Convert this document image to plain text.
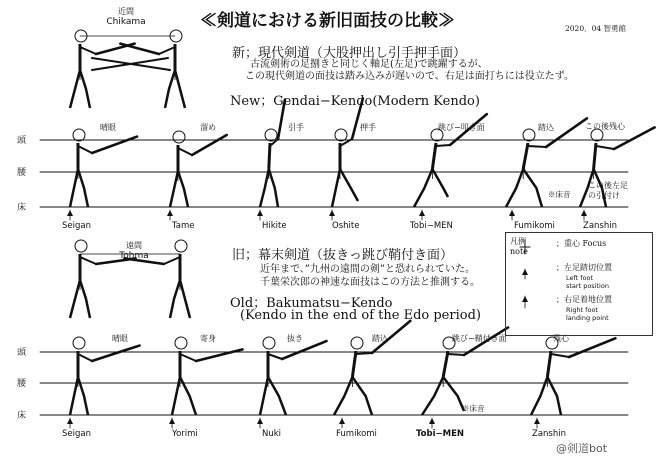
≪剣道における新旧面技の比較≫	2020．04 智勇館
新；現代剣道（大股押出し引手押手面）
古流剣術の足捌きと同じく軸足(左足)で跳躍するが、
この現代剣道の面技は踏み込みが遅いので、右足は面打ちには役立たず。
New；Gendai−Kendo(Modern Kendo)
近間
Chikama
旧；幕末剣道（抜きっ跳び鞘付き面）
近年まで、”九州の遠間の剣”と恐れられていた。
千葉栄次郎の神速な面技はこの方法と推測する。
Old；Bakumatsu−Kendo
(Kendo in the end of the Edo period)
遠間
Tohma
頭
腰
床
頭
腰
床
晴眼	溜め	引手	押手	跳び−叩き面	踏込	この後残心
この後左足
の引付け
※床音
Seigan	Tame	Hikite	Oshite	Tobi−MEN	Fumikomi	Zanshin
晴眼	寄身	抜き	踏込	跳び−鞘付き面	残心
※床音
Seigan	Yorimi	Nuki	Fumikomi	Tobi−MEN	Zanshin
凡例
note
；重心 Focus
；左足踏切位置
Left foot
start position
；右足着地位置
Right foot
landing point
@剣道bot
